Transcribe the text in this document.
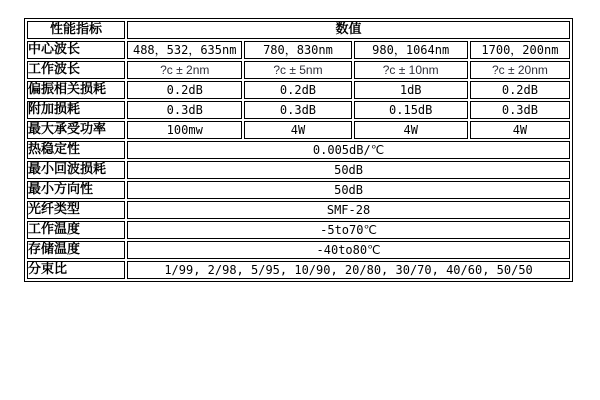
性能指标	数值			
中心波长	488，532，635nm	780，830nm	980，1064nm	1700，200nm
工作波长	?c ± 2nm	?c ± 5nm	?c ± 10nm	?c ± 20nm
偏振相关损耗	0.2dB	0.2dB	1dB	0.2dB
附加损耗	0.3dB	0.3dB	0.15dB	0.3dB
最大承受功率	100mw	4W	4W	4W
热稳定性	0.005dB/℃			
最小回波损耗	50dB			
最小方向性	50dB			
光纤类型	SMF-28			
工作温度	-5to70℃			
存储温度	-40to80℃			
分束比	1/99, 2/98, 5/95, 10/90, 20/80, 30/70, 40/60, 50/50			
